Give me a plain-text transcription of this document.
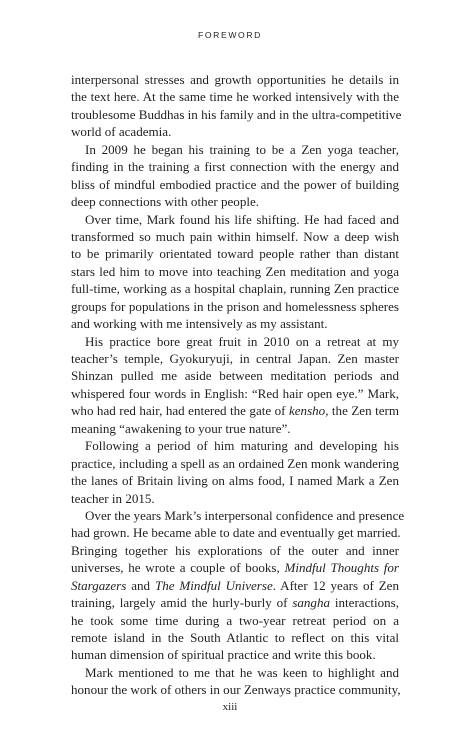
FOREWORD
interpersonal stresses and growth opportunities he details in
the text here. At the same time he worked intensively with the
troublesome Buddhas in his family and in the ultra-competitive
world of academia.
In 2009 he began his training to be a Zen yoga teacher,
finding in the training a first connection with the energy and
bliss of mindful embodied practice and the power of building
deep connections with other people.
Over time, Mark found his life shifting. He had faced and
transformed so much pain within himself. Now a deep wish
to be primarily orientated toward people rather than distant
stars led him to move into teaching Zen meditation and yoga
full-time, working as a hospital chaplain, running Zen practice
groups for populations in the prison and homelessness spheres
and working with me intensively as my assistant.
His practice bore great fruit in 2010 on a retreat at my
teacher’s temple, Gyokuryuji, in central Japan. Zen master
Shinzan pulled me aside between meditation periods and
whispered four words in English: “Red hair open eye.” Mark,
who had red hair, had entered the gate of kensho, the Zen term
meaning “awakening to your true nature”.
Following a period of him maturing and developing his
practice, including a spell as an ordained Zen monk wandering
the lanes of Britain living on alms food, I named Mark a Zen
teacher in 2015.
Over the years Mark’s interpersonal confidence and presence
had grown. He became able to date and eventually get married.
Bringing together his explorations of the outer and inner
universes, he wrote a couple of books, Mindful Thoughts for
Stargazers and The Mindful Universe. After 12 years of Zen
training, largely amid the hurly-burly of sangha interactions,
he took some time during a two-year retreat period on a
remote island in the South Atlantic to reflect on this vital
human dimension of spiritual practice and write this book.
Mark mentioned to me that he was keen to highlight and
honour the work of others in our Zenways practice community,
xiii
